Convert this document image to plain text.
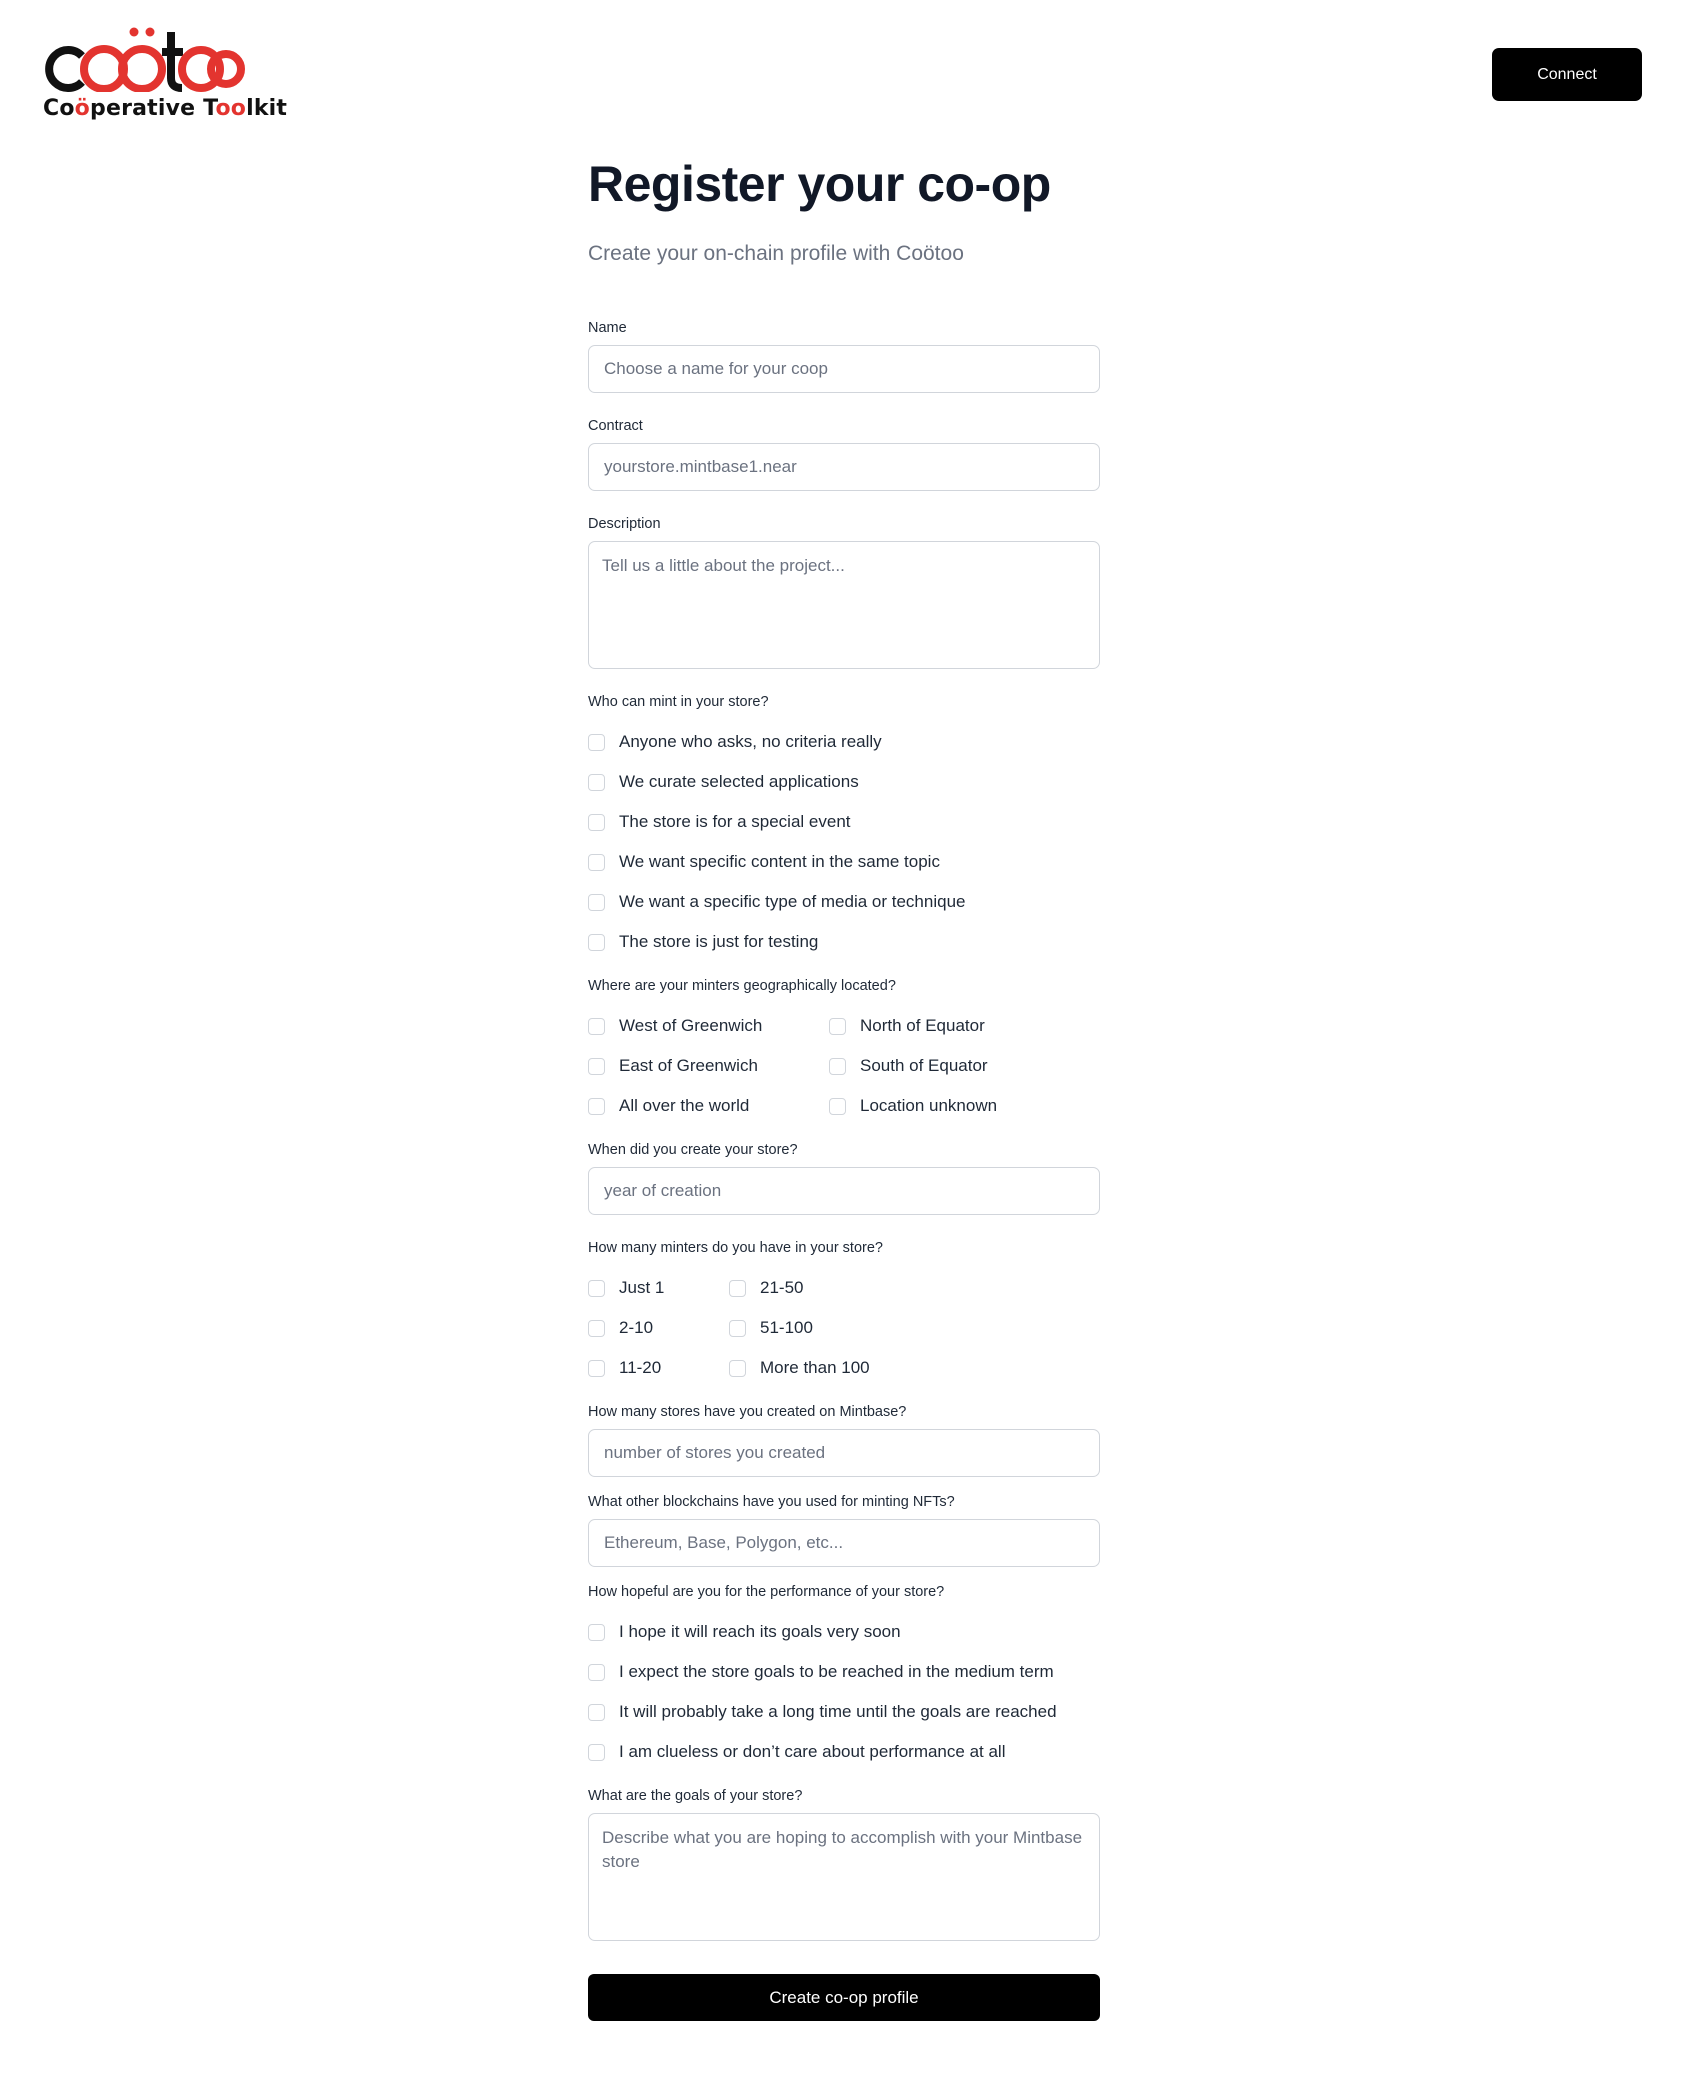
Coöperative Toolkit
Connect
Register your co-op
Create your on-chain profile with Coötoo
Name
Choose a name for your coop
Contract
yourstore.mintbase1.near
Description
Tell us a little about the project...
Who can mint in your store?
Anyone who asks, no criteria really
We curate selected applications
The store is for a special event
We want specific content in the same topic
We want a specific type of media or technique
The store is just for testing
Where are your minters geographically located?
West of Greenwich	North of Equator
East of Greenwich	South of Equator
All over the world	Location unknown
When did you create your store?
year of creation
How many minters do you have in your store?
Just 1	21-50
2-10	51-100
11-20	More than 100
How many stores have you created on Mintbase?
number of stores you created
What other blockchains have you used for minting NFTs?
Ethereum, Base, Polygon, etc...
How hopeful are you for the performance of your store?
I hope it will reach its goals very soon
I expect the store goals to be reached in the medium term
It will probably take a long time until the goals are reached
I am clueless or don’t care about performance at all
What are the goals of your store?
Describe what you are hoping to accomplish with your Mintbase store
Create co-op profile
